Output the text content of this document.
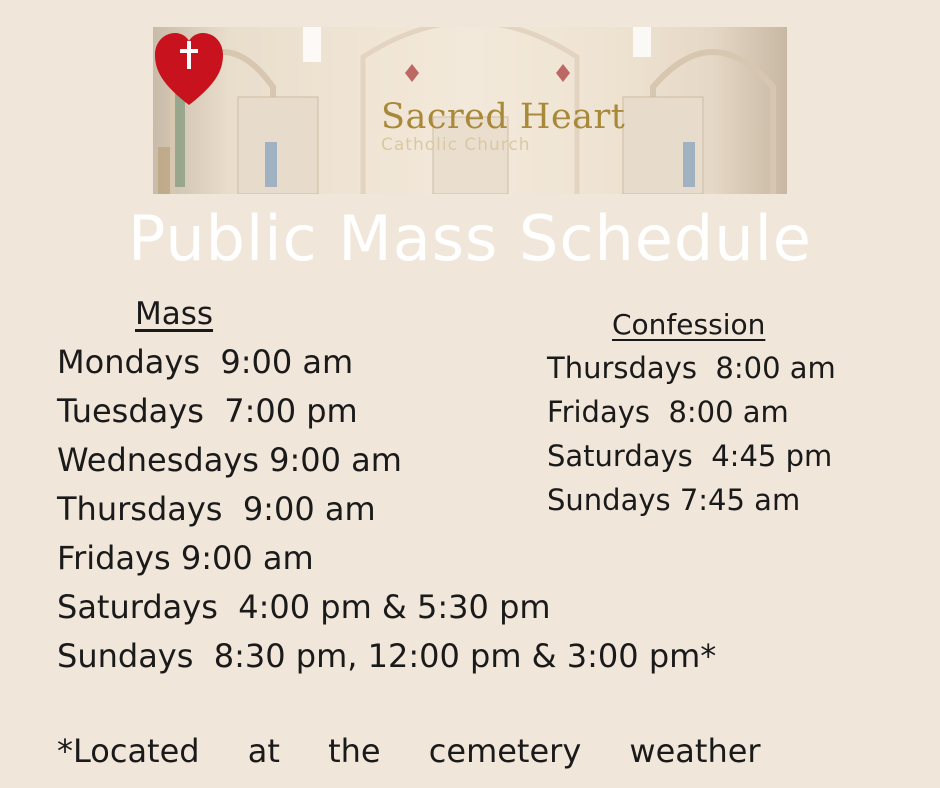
Sacred Heart
Catholic Church
Public Mass Schedule
Mass
Mondays  9:00 am
Tuesdays  7:00 pm
Wednesdays 9:00 am
Thursdays  9:00 am
Fridays 9:00 am
Saturdays  4:00 pm & 5:30 pm
Sundays  8:30 pm, 12:00 pm & 3:00 pm*
Confession
Thursdays  8:00 am
Fridays  8:00 am
Saturdays  4:45 pm
Sundays 7:45 am
*Located at the cemetery weather
